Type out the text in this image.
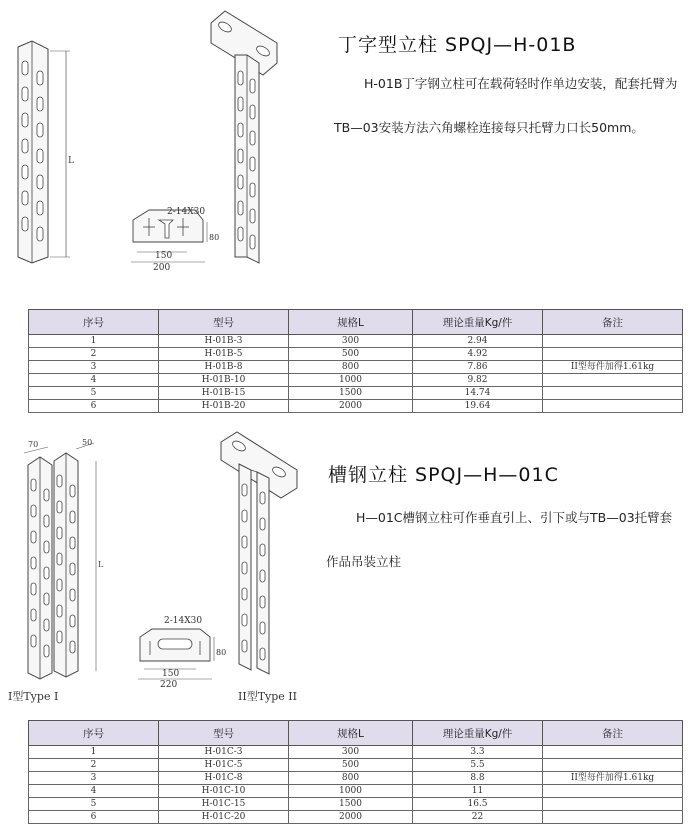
L
2-14X30
80
150
200
丁字型立柱 SPQJ—H-01B

H-01B丁字钢立柱可在载荷轻时作单边安装，配套托臂为TB—03安装方法六角螺栓连接每只托臂力口长50mm。

序号	型号	规格L	理论重量Kg/件	备注
1	H-01B-3	300	2.94	
2	H-01B-5	500	4.92	
3	H-01B-8	800	7.86	II型每件加得1.61kg
4	H-01B-10	1000	9.82	
5	H-01B-15	1500	14.74	
6	H-01B-20	2000	19.64	
70	50
L
2-14X30
80
150
220
I型Type I	II型Type II
槽钢立柱 SPQJ—H—01C

H—01C槽钢立柱可作垂直引上、引下或与TB—03托臂套作品吊装立柱

序号	型号	规格L	理论重量Kg/件	备注
1	H-01C-3	300	3.3	
2	H-01C-5	500	5.5	
3	H-01C-8	800	8.8	II型每件加得1.61kg
4	H-01C-10	1000	11	
5	H-01C-15	1500	16.5	
6	H-01C-20	2000	22	
